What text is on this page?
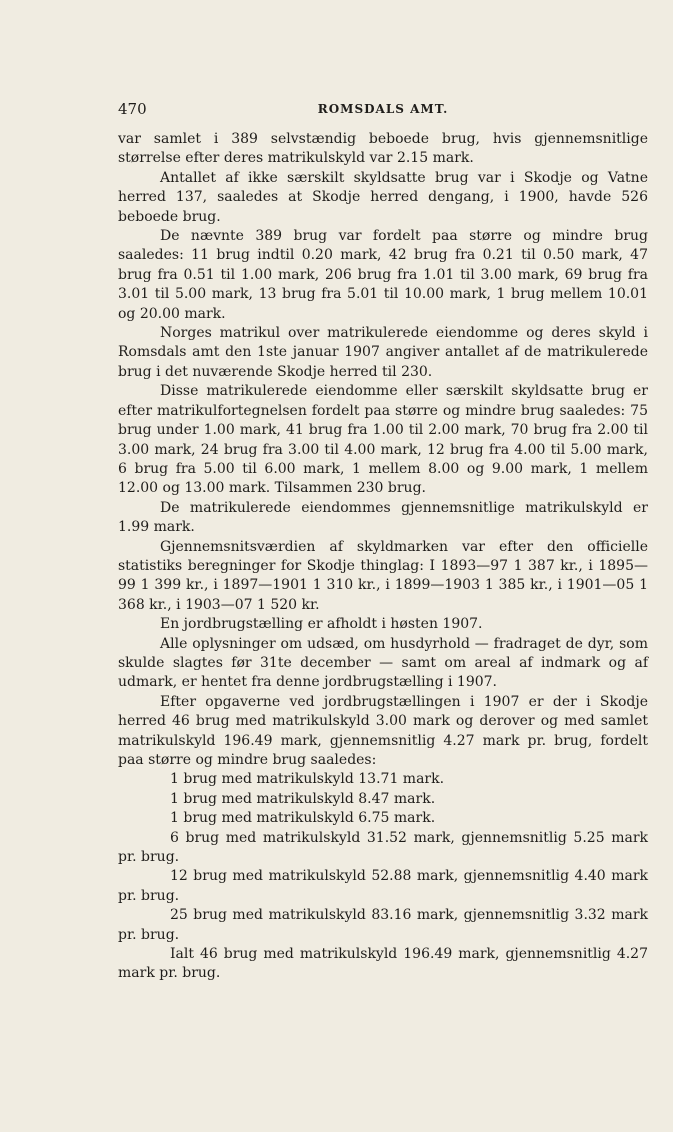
470	ROMSDALS AMT.

var samlet i 389 selvstændig beboede brug, hvis gjennemsnitlige størrelse efter deres matrikulskyld var 2.15 mark.

Antallet af ikke særskilt skyldsatte brug var i Skodje og Vatne herred 137, saaledes at Skodje herred dengang, i 1900, havde 526 beboede brug.

De nævnte 389 brug var fordelt paa større og mindre brug saaledes: 11 brug indtil 0.20 mark, 42 brug fra 0.21 til 0.50 mark, 47 brug fra 0.51 til 1.00 mark, 206 brug fra 1.01 til 3.00 mark, 69 brug fra 3.01 til 5.00 mark, 13 brug fra 5.01 til 10.00 mark, 1 brug mellem 10.01 og 20.00 mark.

Norges matrikul over matrikulerede eiendomme og deres skyld i Romsdals amt den 1ste januar 1907 angiver antallet af de matrikulerede brug i det nuværende Skodje herred til 230.

Disse matrikulerede eiendomme eller særskilt skyldsatte brug er efter matrikulfortegnelsen fordelt paa større og mindre brug saaledes: 75 brug under 1.00 mark, 41 brug fra 1.00 til 2.00 mark, 70 brug fra 2.00 til 3.00 mark, 24 brug fra 3.00 til 4.00 mark, 12 brug fra 4.00 til 5.00 mark, 6 brug fra 5.00 til 6.00 mark, 1 mellem 8.00 og 9.00 mark, 1 mellem 12.00 og 13.00 mark. Tilsammen 230 brug.

De matrikulerede eiendommes gjennemsnitlige matrikulskyld er 1.99 mark.

Gjennemsnitsværdien af skyldmarken var efter den officielle statistiks beregninger for Skodje thinglag: I 1893—97 1 387 kr., i 1895—99 1 399 kr., i 1897—1901 1 310 kr., i 1899—1903 1 385 kr., i 1901—05 1 368 kr., i 1903—07 1 520 kr.

En jordbrugstælling er afholdt i høsten 1907.

Alle oplysninger om udsæd, om husdyrhold — fradraget de dyr, som skulde slagtes før 31te december — samt om areal af indmark og af udmark, er hentet fra denne jordbrugstælling i 1907.

Efter opgaverne ved jordbrugstællingen i 1907 er der i Skodje herred 46 brug med matrikulskyld 3.00 mark og derover og med samlet matrikulskyld 196.49 mark, gjennemsnitlig 4.27 mark pr. brug, fordelt paa større og mindre brug saaledes:

1 brug med matrikulskyld 13.71 mark.

1 brug med matrikulskyld 8.47 mark.

1 brug med matrikulskyld 6.75 mark.

6 brug med matrikulskyld 31.52 mark, gjennemsnitlig 5.25 mark pr. brug.

12 brug med matrikulskyld 52.88 mark, gjennemsnitlig 4.40 mark pr. brug.

25 brug med matrikulskyld 83.16 mark, gjennemsnitlig 3.32 mark pr. brug.

Ialt 46 brug med matrikulskyld 196.49 mark, gjennemsnitlig 4.27 mark pr. brug.
